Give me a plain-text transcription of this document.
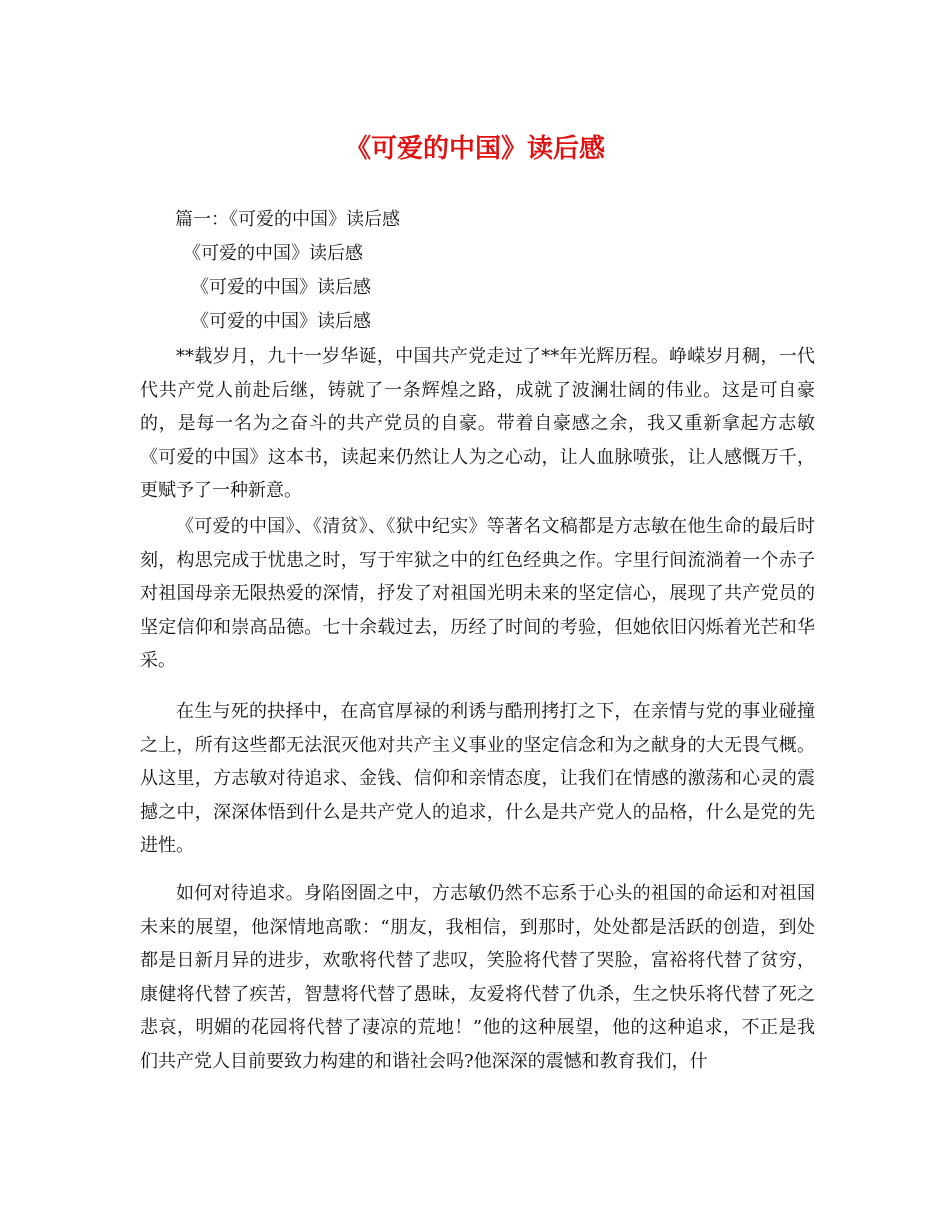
《可爱的中国》读后感

篇一：《可爱的中国》读后感

《可爱的中国》读后感

《可爱的中国》读后感

《可爱的中国》读后感

**载岁月，九十一岁华诞，中国共产党走过了**年光辉历程。峥嵘岁月稠，一代代共产党人前赴后继，铸就了一条辉煌之路，成就了波澜壮阔的伟业。这是可自豪的，是每一名为之奋斗的共产党员的自豪。带着自豪感之余，我又重新拿起方志敏《可爱的中国》这本书，读起来仍然让人为之心动，让人血脉喷张，让人感慨万千，更赋予了一种新意。

《可爱的中国》、《清贫》、《狱中纪实》等著名文稿都是方志敏在他生命的最后时刻，构思完成于忧患之时，写于牢狱之中的红色经典之作。字里行间流淌着一个赤子对祖国母亲无限热爱的深情，抒发了对祖国光明未来的坚定信心，展现了共产党员的坚定信仰和崇高品德。七十余载过去，历经了时间的考验，但她依旧闪烁着光芒和华采。

在生与死的抉择中，在高官厚禄的利诱与酷刑拷打之下，在亲情与党的事业碰撞之上，所有这些都无法泯灭他对共产主义事业的坚定信念和为之献身的大无畏气概。从这里，方志敏对待追求、金钱、信仰和亲情态度，让我们在情感的激荡和心灵的震撼之中，深深体悟到什么是共产党人的追求，什么是共产党人的品格，什么是党的先进性。

如何对待追求。身陷囹圄之中，方志敏仍然不忘系于心头的祖国的命运和对祖国未来的展望，他深情地高歌：“朋友，我相信，到那时，处处都是活跃的创造，到处都是日新月异的进步，欢歌将代替了悲叹，笑脸将代替了哭脸，富裕将代替了贫穷，康健将代替了疾苦，智慧将代替了愚昧，友爱将代替了仇杀，生之快乐将代替了死之悲哀，明媚的花园将代替了凄凉的荒地！”他的这种展望，他的这种追求，不正是我们共产党人目前要致力构建的和谐社会吗?他深深的震憾和教育我们，什
